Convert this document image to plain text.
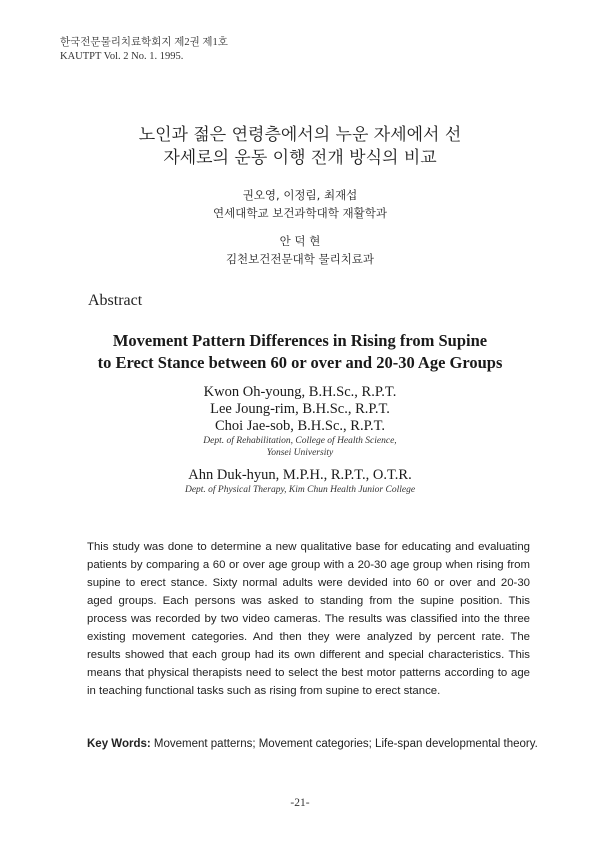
한국전문물리치료학회지 제2권 제1호
KAUTPT Vol. 2 No. 1. 1995.
노인과 젊은 연령층에서의 누운 자세에서 선
자세로의 운동 이행 전개 방식의 비교
권오영, 이정림, 최재섭
연세대학교 보건과학대학 재활학과
안 덕 현
김천보건전문대학 물리치료과
Abstract
Movement Pattern Differences in Rising from Supine
to Erect Stance between 60 or over and 20-30 Age Groups
Kwon Oh-young, B.H.Sc., R.P.T.
Lee Joung-rim, B.H.Sc., R.P.T.
Choi Jae-sob, B.H.Sc., R.P.T.
Dept. of Rehabilitation, College of Health Science,
Yonsei University
Ahn Duk-hyun, M.P.H., R.P.T., O.T.R.
Dept. of Physical Therapy, Kim Chun Health Junior College
This study was done to determine a new qualitative base for educating and evaluating patients by comparing a 60 or over age group with a 20-30 age group when rising from supine to erect stance. Sixty normal adults were devided into 60 or over and 20-30 aged groups. Each persons was asked to standing from the supine position. This process was recorded by two video cameras. The results was classified into the three existing movement categories. And then they were analyzed by percent rate. The results showed that each group had its own different and special characteristics. This means that physical therapists need to select the best motor patterns according to age in teaching functional tasks such as rising from supine to erect stance.
Key Words: Movement patterns; Movement categories; Life-span developmental theory.
-21-
